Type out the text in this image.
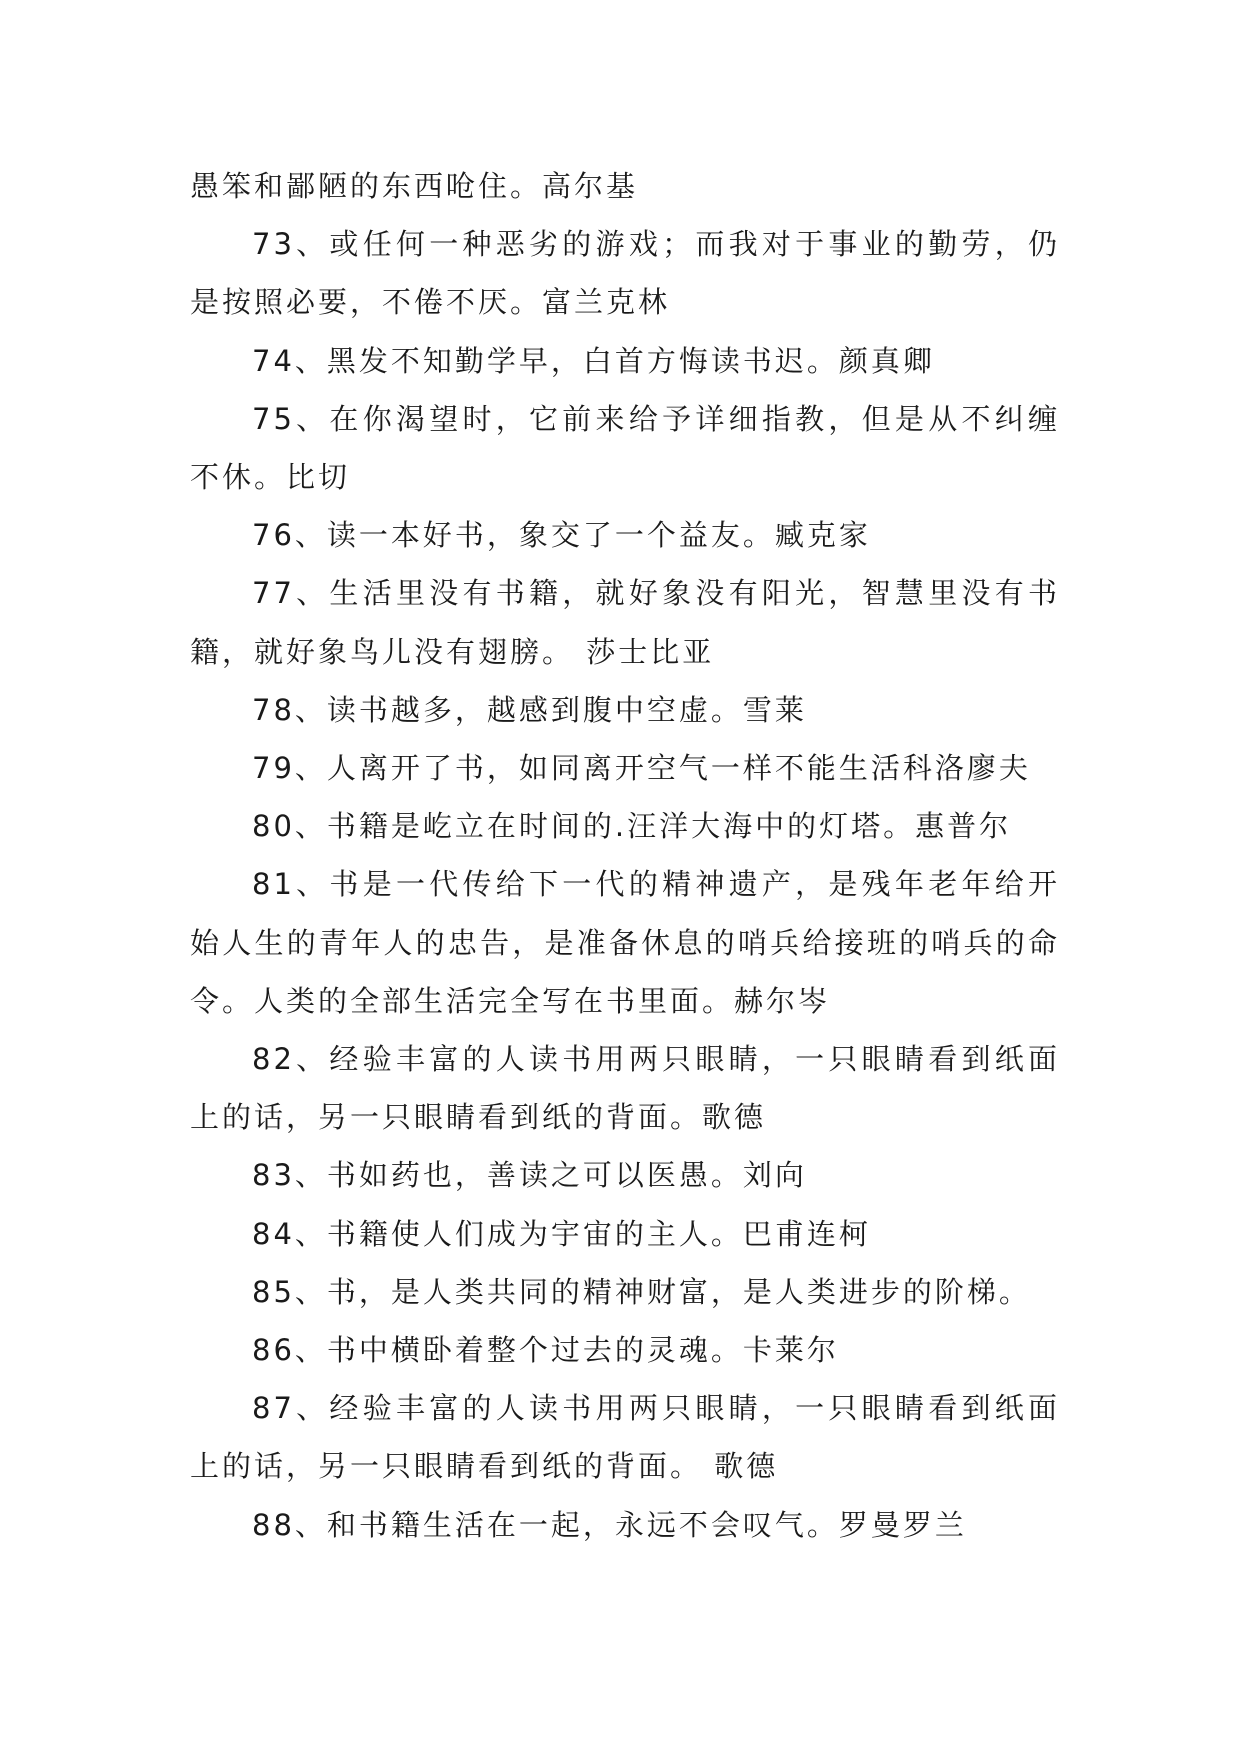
愚笨和鄙陋的东西呛住。高尔基

73、或任何一种恶劣的游戏；而我对于事业的勤劳，仍是按照必要，不倦不厌。富兰克林

74、黑发不知勤学早，白首方悔读书迟。颜真卿

75、在你渴望时，它前来给予详细指教，但是从不纠缠不休。比切

76、读一本好书，象交了一个益友。臧克家

77、生活里没有书籍，就好象没有阳光，智慧里没有书籍，就好象鸟儿没有翅膀。 莎士比亚

78、读书越多，越感到腹中空虚。雪莱

79、人离开了书，如同离开空气一样不能生活科洛廖夫

80、书籍是屹立在时间的.汪洋大海中的灯塔。惠普尔

81、书是一代传给下一代的精神遗产，是残年老年给开始人生的青年人的忠告，是准备休息的哨兵给接班的哨兵的命令。人类的全部生活完全写在书里面。赫尔岑

82、经验丰富的人读书用两只眼睛，一只眼睛看到纸面上的话，另一只眼睛看到纸的背面。歌德

83、书如药也，善读之可以医愚。刘向

84、书籍使人们成为宇宙的主人。巴甫连柯

85、书，是人类共同的精神财富，是人类进步的阶梯。

86、书中横卧着整个过去的灵魂。卡莱尔

87、经验丰富的人读书用两只眼睛，一只眼睛看到纸面上的话，另一只眼睛看到纸的背面。 歌德

88、和书籍生活在一起，永远不会叹气。罗曼罗兰
